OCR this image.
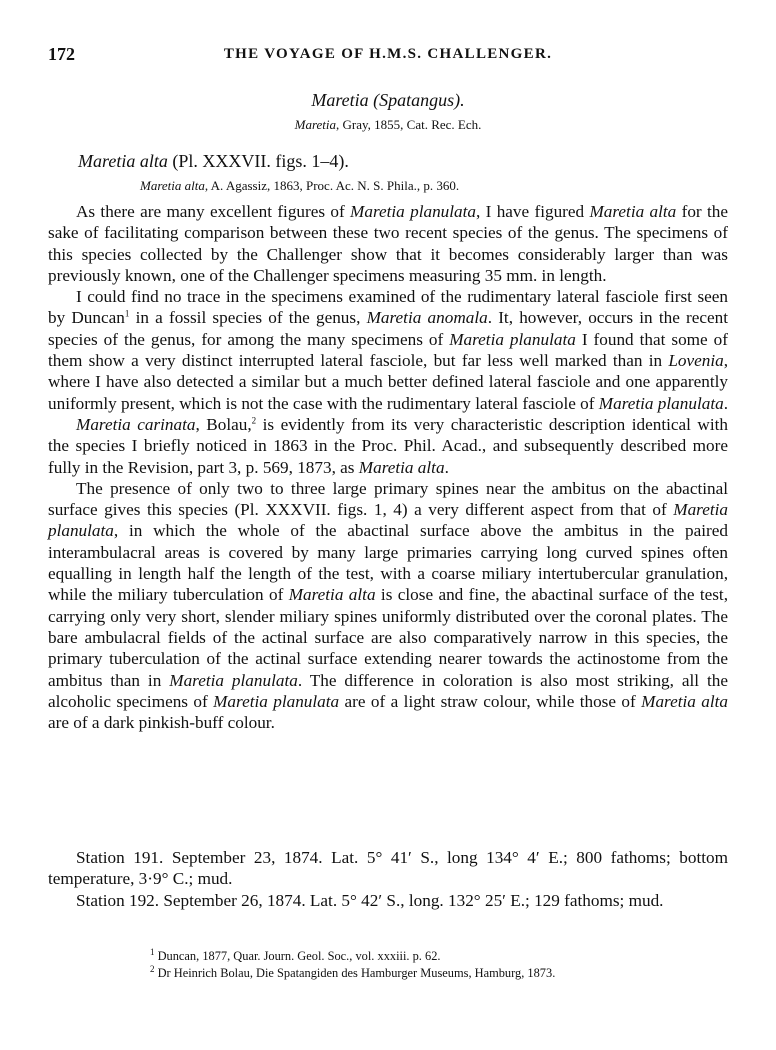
172	THE VOYAGE OF H.M.S. CHALLENGER.
Maretia (Spatangus).
Maretia, Gray, 1855, Cat. Rec. Ech.
Maretia alta (Pl. XXXVII. figs. 1–4).
Maretia alta, A. Agassiz, 1863, Proc. Ac. N. S. Phila., p. 360.

As there are many excellent figures of Maretia planulata, I have figured Maretia alta for the sake of facilitating comparison between these two recent species of the genus. The specimens of this species collected by the Challenger show that it becomes considerably larger than was previously known, one of the Challenger specimens measuring 35 mm. in length.

I could find no trace in the specimens examined of the rudimentary lateral fasciole first seen by Duncan$^1$ in a fossil species of the genus, Maretia anomala. It, however, occurs in the recent species of the genus, for among the many specimens of Maretia planulata I found that some of them show a very distinct interrupted lateral fasciole, but far less well marked than in Lovenia, where I have also detected a similar but a much better defined lateral fasciole and one apparently uniformly present, which is not the case with the rudimentary lateral fasciole of Maretia planulata.

Maretia carinata, Bolau,$^2$ is evidently from its very characteristic description identical with the species I briefly noticed in 1863 in the Proc. Phil. Acad., and subsequently described more fully in the Revision, part 3, p. 569, 1873, as Maretia alta.

The presence of only two to three large primary spines near the ambitus on the abactinal surface gives this species (Pl. XXXVII. figs. 1, 4) a very different aspect from that of Maretia planulata, in which the whole of the abactinal surface above the ambitus in the paired interambulacral areas is covered by many large primaries carrying long curved spines often equalling in length half the length of the test, with a coarse miliary intertubercular granulation, while the miliary tuberculation of Maretia alta is close and fine, the abactinal surface of the test, carrying only very short, slender miliary spines uniformly distributed over the coronal plates. The bare ambulacral fields of the actinal surface are also comparatively narrow in this species, the primary tuberculation of the actinal surface extending nearer towards the actinostome from the ambitus than in Maretia planulata. The difference in coloration is also most striking, all the alcoholic specimens of Maretia planulata are of a light straw colour, while those of Maretia alta are of a dark pinkish-buff colour.

Station 191. September 23, 1874. Lat. 5° 41′ S., long 134° 4′ E.; 800 fathoms; bottom temperature, 3·9° C.; mud.

Station 192. September 26, 1874. Lat. 5° 42′ S., long. 132° 25′ E.; 129 fathoms; mud.

$^1$ Duncan, 1877, Quar. Journ. Geol. Soc., vol. xxxiii. p. 62.
$^2$ Dr Heinrich Bolau, Die Spatangiden des Hamburger Museums, Hamburg, 1873.
